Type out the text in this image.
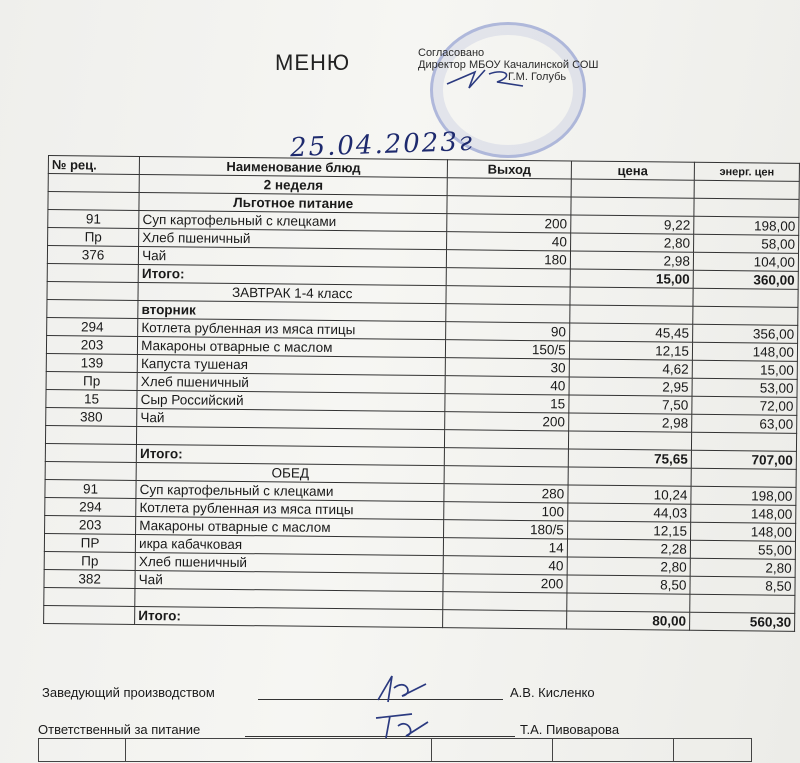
МЕНЮ	Согласовано
Директор МБОУ Качалинской СОШ
Г.М. Голубь
25.04.2023г
№ рец.	Наименование блюд	Выход	цена	энерг. цен
	2 неделя			
	Льготное питание			
91	Суп картофельный с клецками	200	9,22	198,00
Пр	Хлеб пшеничный	40	2,80	58,00
376	Чай	180	2,98	104,00
	Итого:		15,00	360,00
	ЗАВТРАК 1-4 класс			
	вторник			
294	Котлета рубленная из мяса птицы	90	45,45	356,00
203	Макароны отварные с маслом	150/5	12,15	148,00
139	Капуста тушеная	30	4,62	15,00
Пр	Хлеб пшеничный	40	2,95	53,00
15	Сыр Российский	15	7,50	72,00
380	Чай	200	2,98	63,00

	Итого:		75,65	707,00
	ОБЕД			
91	Суп картофельный с клецками	280	10,24	198,00
294	Котлета рубленная из мяса птицы	100	44,03	148,00
203	Макароны отварные с маслом	180/5	12,15	148,00
ПР	икра кабачковая	14	2,28	55,00
Пр	Хлеб пшеничный	40	2,80	2,80
382	Чай	200	8,50	8,50

	Итого:		80,00	560,30
Заведующий производством	А.В. Кисленко
Ответственный за питание	Т.А. Пивоварова
